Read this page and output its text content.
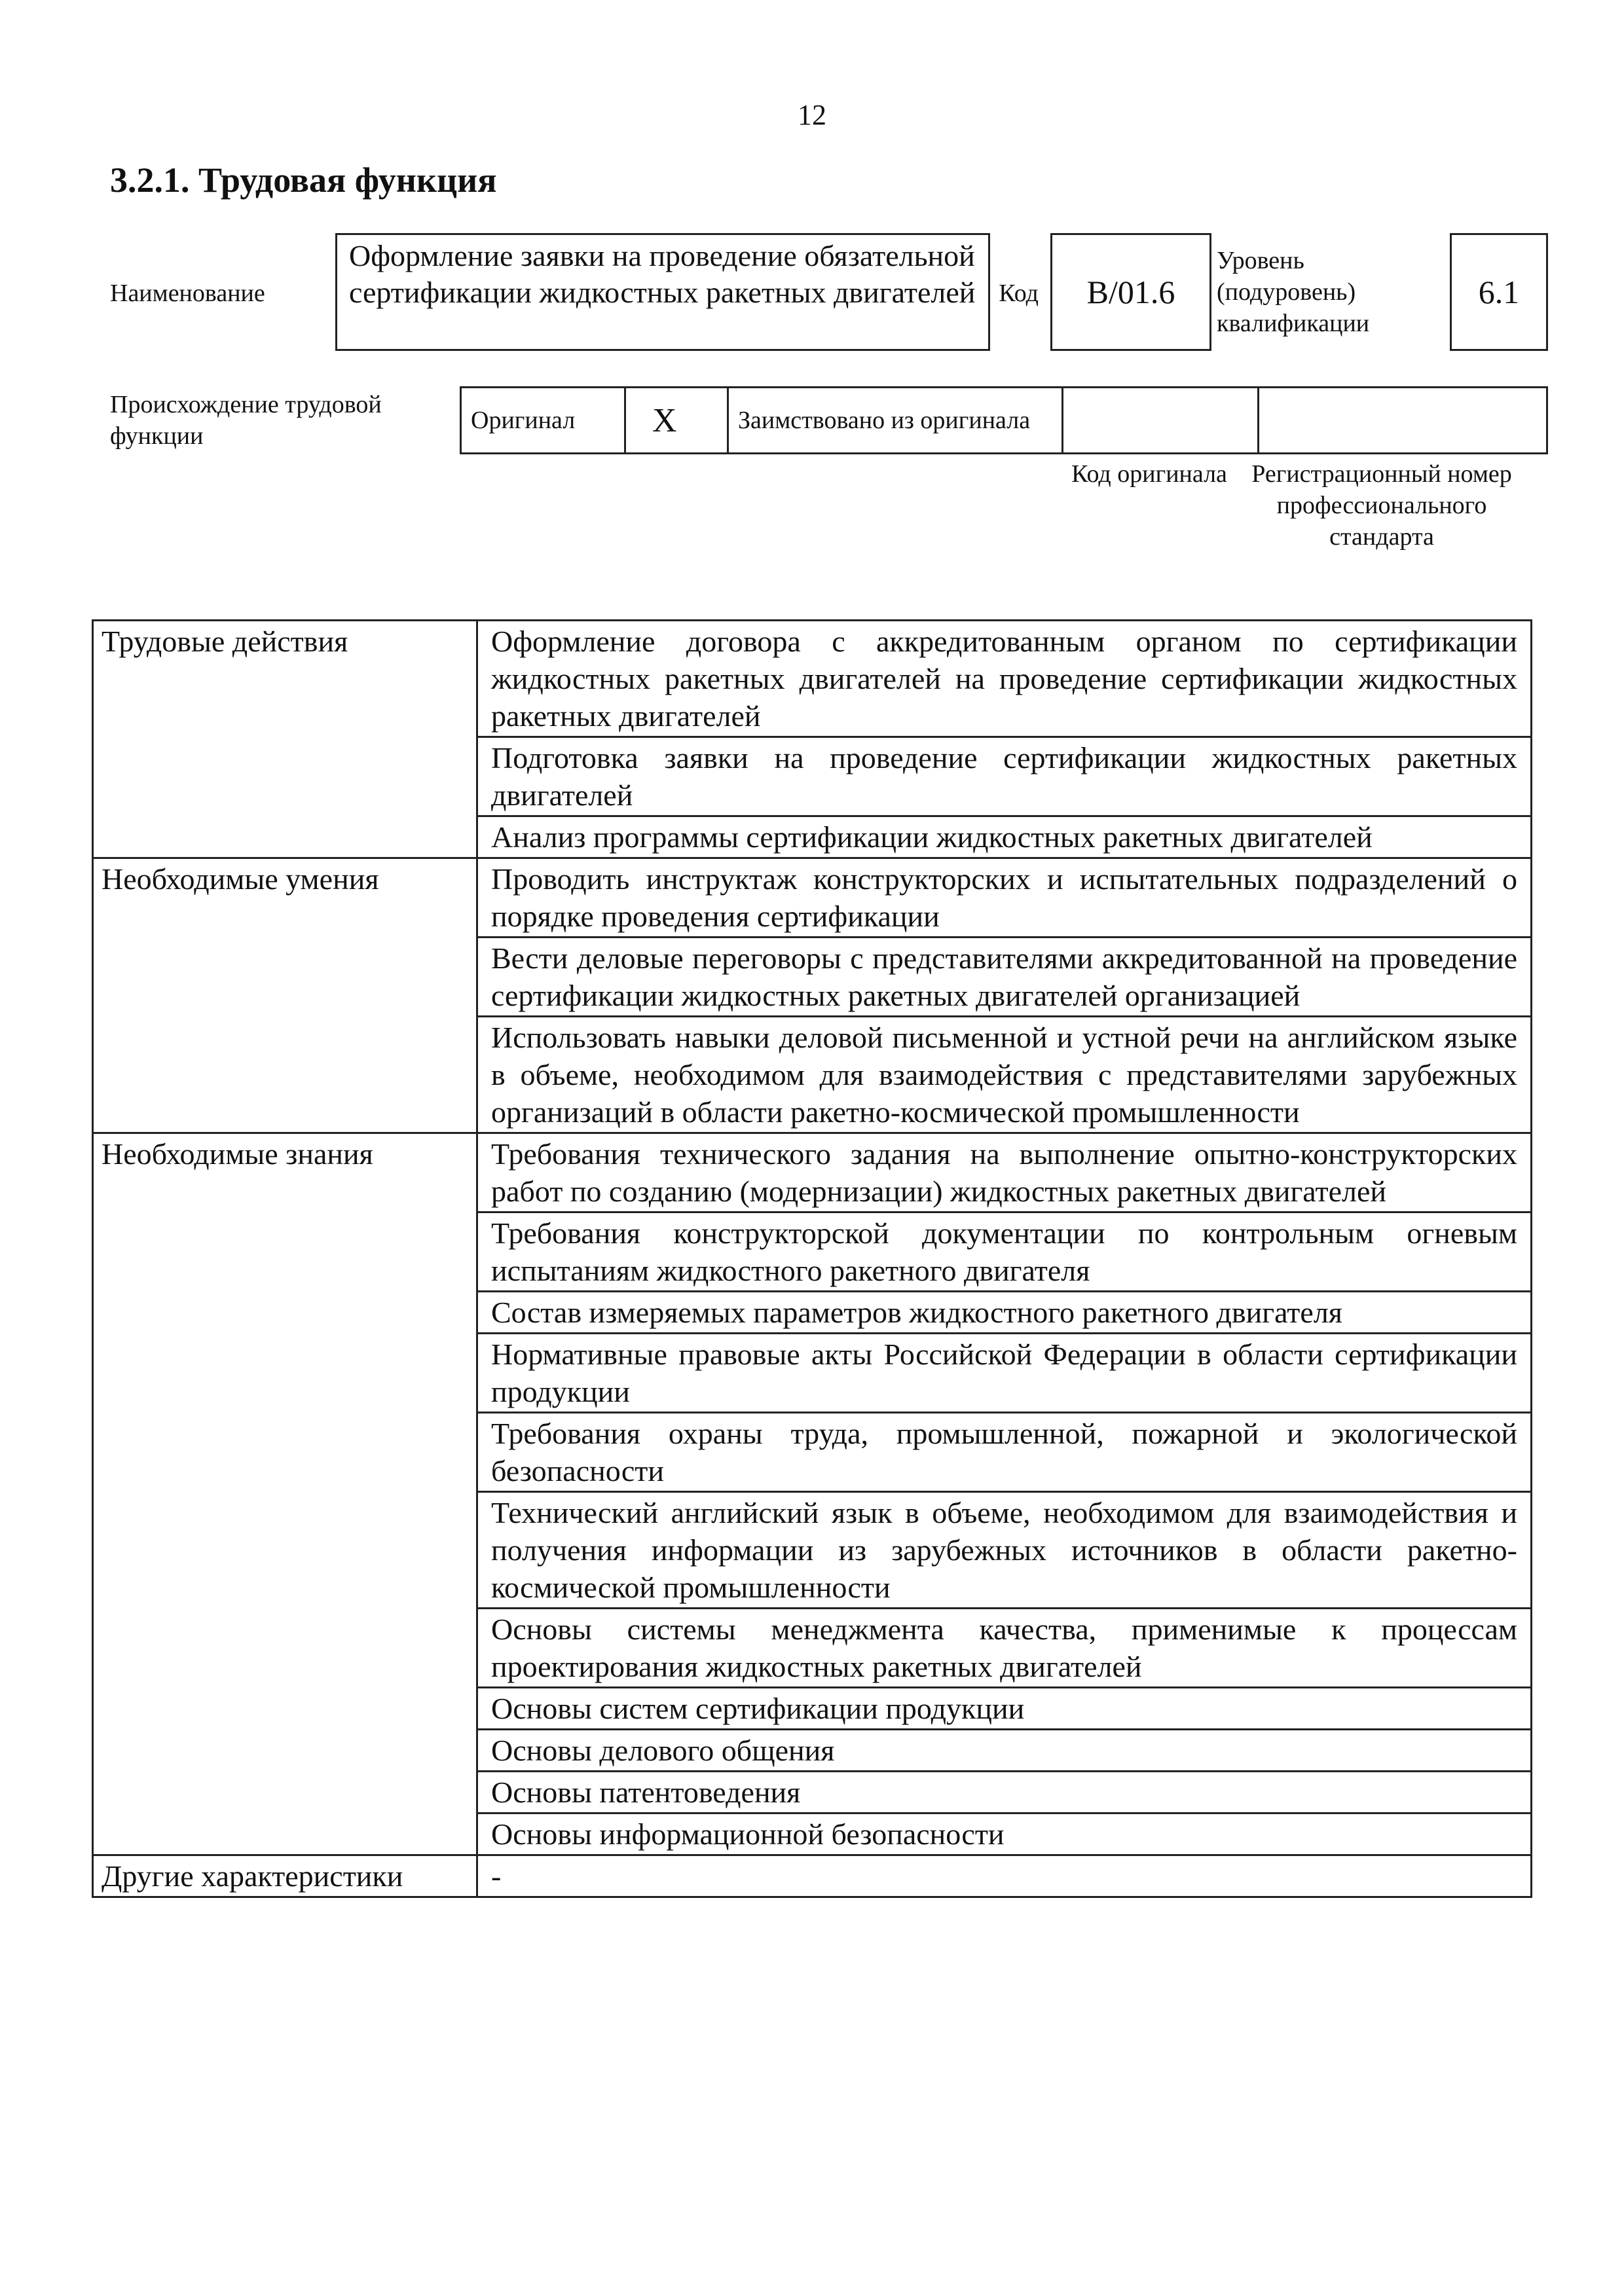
12
3.2.1. Трудовая функция
Наименование
Оформление заявки на проведение обязательной сертификации жидкостных ракетных двигателей Код	B/01.6
Уровень (подуровень) квалификации
6.1
Происхождение трудовой функции
Оригинал	X	Заимствовано из оригинала		
Код оригинала Регистрационный номер профессионального стандарта
Трудовые действия	Оформление договора с аккредитованным органом по сертификации жидкостных ракетных двигателей на проведение сертификации жидкостных ракетных двигателей
	Подготовка заявки на проведение сертификации жидкостных ракетных двигателей
	Анализ программы сертификации жидкостных ракетных двигателей
Необходимые умения	Проводить инструктаж конструкторских и испытательных подразделений о порядке проведения сертификации
	Вести деловые переговоры с представителями аккредитованной на проведение сертификации жидкостных ракетных двигателей организацией
	Использовать навыки деловой письменной и устной речи на английском языке в объеме, необходимом для взаимодействия с представителями зарубежных организаций в области ракетно-космической промышленности
Необходимые знания	Требования технического задания на выполнение опытно-конструкторских работ по созданию (модернизации) жидкостных ракетных двигателей
	Требования конструкторской документации по контрольным огневым испытаниям жидкостного ракетного двигателя
	Состав измеряемых параметров жидкостного ракетного двигателя
	Нормативные правовые акты Российской Федерации в области сертификации продукции
	Требования охраны труда, промышленной, пожарной и экологической безопасности
	Технический английский язык в объеме, необходимом для взаимодействия и получения информации из зарубежных источников в области ракетно-космической промышленности
	Основы системы менеджмента качества, применимые к процессам проектирования жидкостных ракетных двигателей
	Основы систем сертификации продукции
	Основы делового общения
	Основы патентоведения
	Основы информационной безопасности
Другие характеристики	-
